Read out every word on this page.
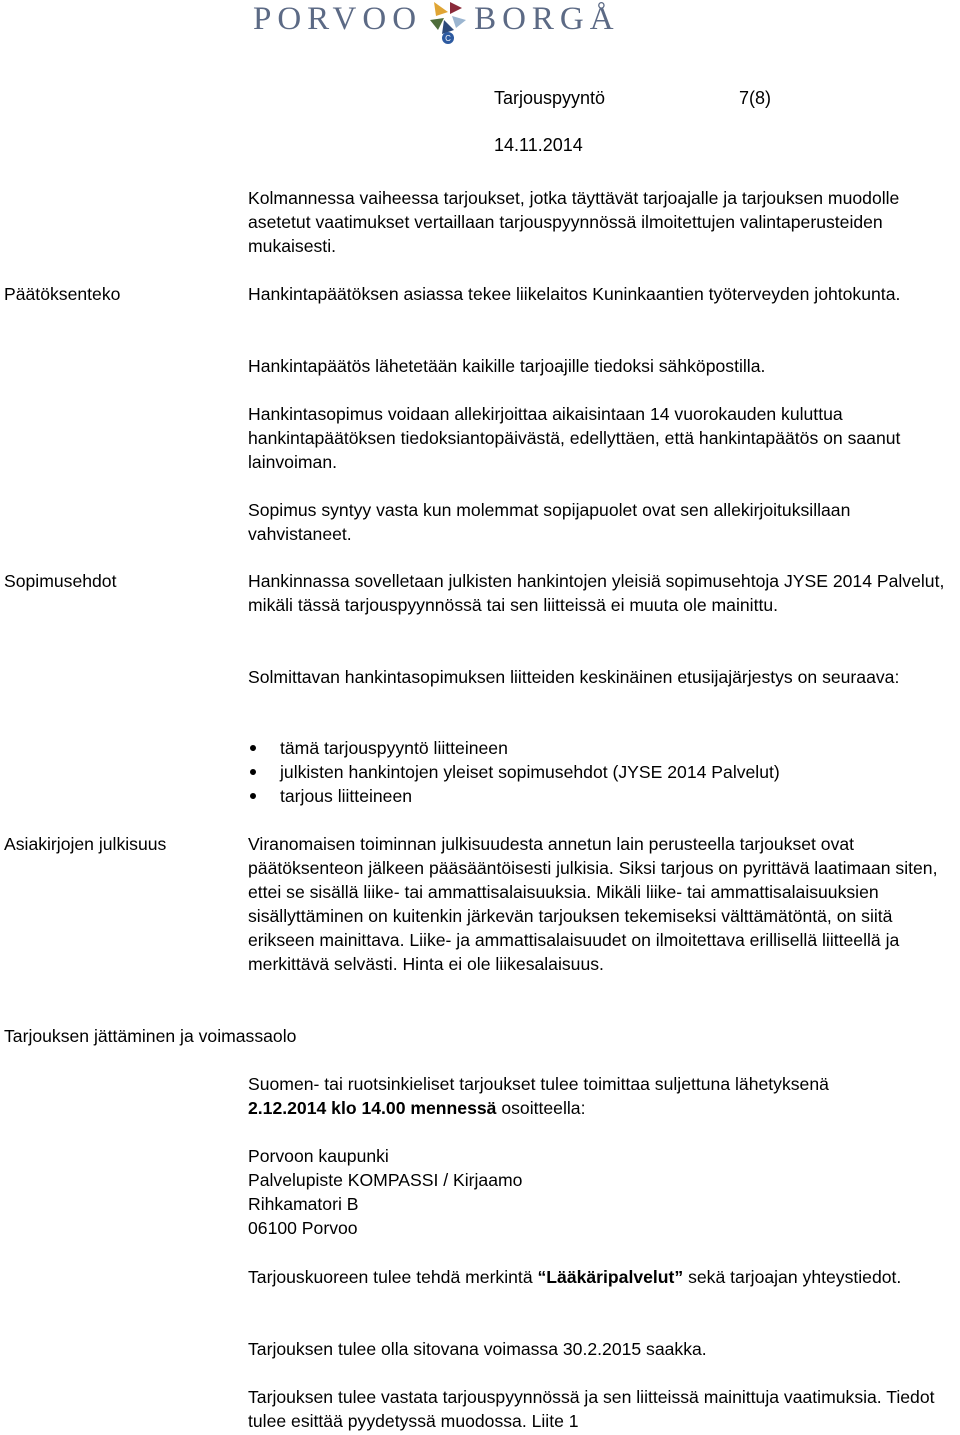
PORVOO
C
BORGÅ
Tarjouspyyntö	7(8)
14.11.2014
Kolmannessa vaiheessa tarjoukset, jotka täyttävät tarjoajalle ja tarjouksen muodolle asetetut vaatimukset vertaillaan tarjouspyynnössä ilmoitettujen valintaperusteiden mukaisesti.
Päätöksenteko	Hankintapäätöksen asiassa tekee liikelaitos Kuninkaantien työterveyden johtokunta.
Hankintapäätös lähetetään kaikille tarjoajille tiedoksi sähköpostilla.
Hankintasopimus voidaan allekirjoittaa aikaisintaan 14 vuorokauden kuluttua hankintapäätöksen tiedoksiantopäivästä, edellyttäen, että hankintapäätös on saanut lainvoiman.
Sopimus syntyy vasta kun molemmat sopijapuolet ovat sen allekirjoituksillaan vahvistaneet.
Sopimusehdot	Hankinnassa sovelletaan julkisten hankintojen yleisiä sopimusehtoja JYSE 2014 Palvelut, mikäli tässä tarjouspyynnössä tai sen liitteissä ei muuta ole mainittu.
Solmittavan hankintasopimuksen liitteiden keskinäinen etusijajärjestys on seuraava:
tämä tarjouspyyntö liitteineen
julkisten hankintojen yleiset sopimusehdot (JYSE 2014 Palvelut)
tarjous liitteineen
Asiakirjojen julkisuus	Viranomaisen toiminnan julkisuudesta annetun lain perusteella tarjoukset ovat päätöksenteon jälkeen pääsääntöisesti julkisia. Siksi tarjous on pyrittävä laatimaan siten, ettei se sisällä liike- tai ammattisalaisuuksia. Mikäli liike- tai ammattisalaisuuksien sisällyttäminen on kuitenkin järkevän tarjouksen tekemiseksi välttämätöntä, on siitä erikseen mainittava. Liike- ja ammattisalaisuudet on ilmoitettava erillisellä liitteellä ja merkittävä selvästi. Hinta ei ole liikesalaisuus.
Tarjouksen jättäminen ja voimassaolo
Suomen- tai ruotsinkieliset tarjoukset tulee toimittaa suljettuna lähetyksenä
2.12.2014 klo 14.00 mennessä osoitteella:
Porvoon kaupunki
Palvelupiste KOMPASSI / Kirjaamo
Rihkamatori B
06100 Porvoo
Tarjouskuoreen tulee tehdä merkintä “Lääkäripalvelut” sekä tarjoajan yhteystiedot.
Tarjouksen tulee olla sitovana voimassa 30.2.2015 saakka.
Tarjouksen tulee vastata tarjouspyynnössä ja sen liitteissä mainittuja vaatimuksia. Tiedot tulee esittää pyydetyssä muodossa. Liite 1
